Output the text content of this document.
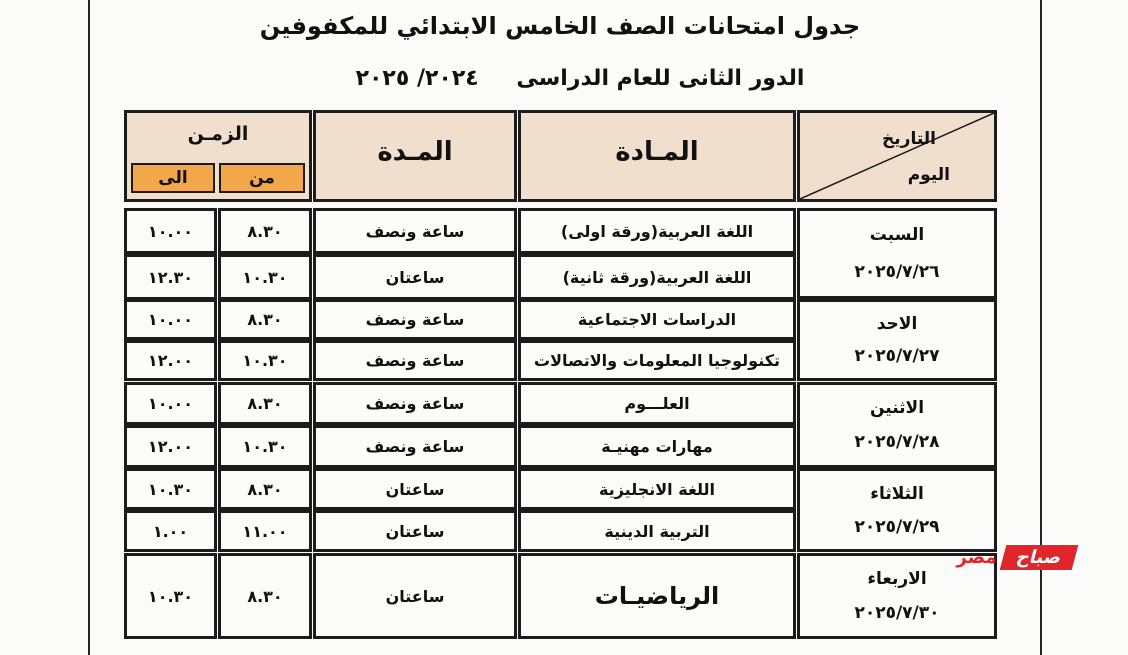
جدول امتحانات الصف الخامس الابتدائي للمكفوفين
الدور الثانى للعام الدراسى ٢٠٢٤/ ٢٠٢٥
التاريخ
اليوم
المـادة
المـدة
الزمـن
الى	من
السبت
٢٠٢٥/٧/٢٦
اللغة العربية(ورقة اولى)
ساعة ونصف
٨.٣٠
١٠.٠٠
اللغة العربية(ورقة ثانية)
ساعتان
١٠.٣٠
١٢.٣٠
الاحد
٢٠٢٥/٧/٢٧
الدراسات الاجتماعية
ساعة ونصف
٨.٣٠
١٠.٠٠
تكنولوجيا المعلومات والاتصالات
ساعة ونصف
١٠.٣٠
١٢.٠٠
الاثنين
٢٠٢٥/٧/٢٨
العلـــوم
ساعة ونصف
٨.٣٠
١٠.٠٠
مهارات مهنيـة
ساعة ونصف
١٠.٣٠
١٢.٠٠
الثلاثاء
٢٠٢٥/٧/٢٩
اللغة الانجليزية
ساعتان
٨.٣٠
١٠.٣٠
التربية الدينية
ساعتان
١١.٠٠
١.٠٠
الاربعاء
٢٠٢٥/٧/٣٠
الرياضيـات
ساعتان
٨.٣٠
١٠.٣٠
صباح
مصر
